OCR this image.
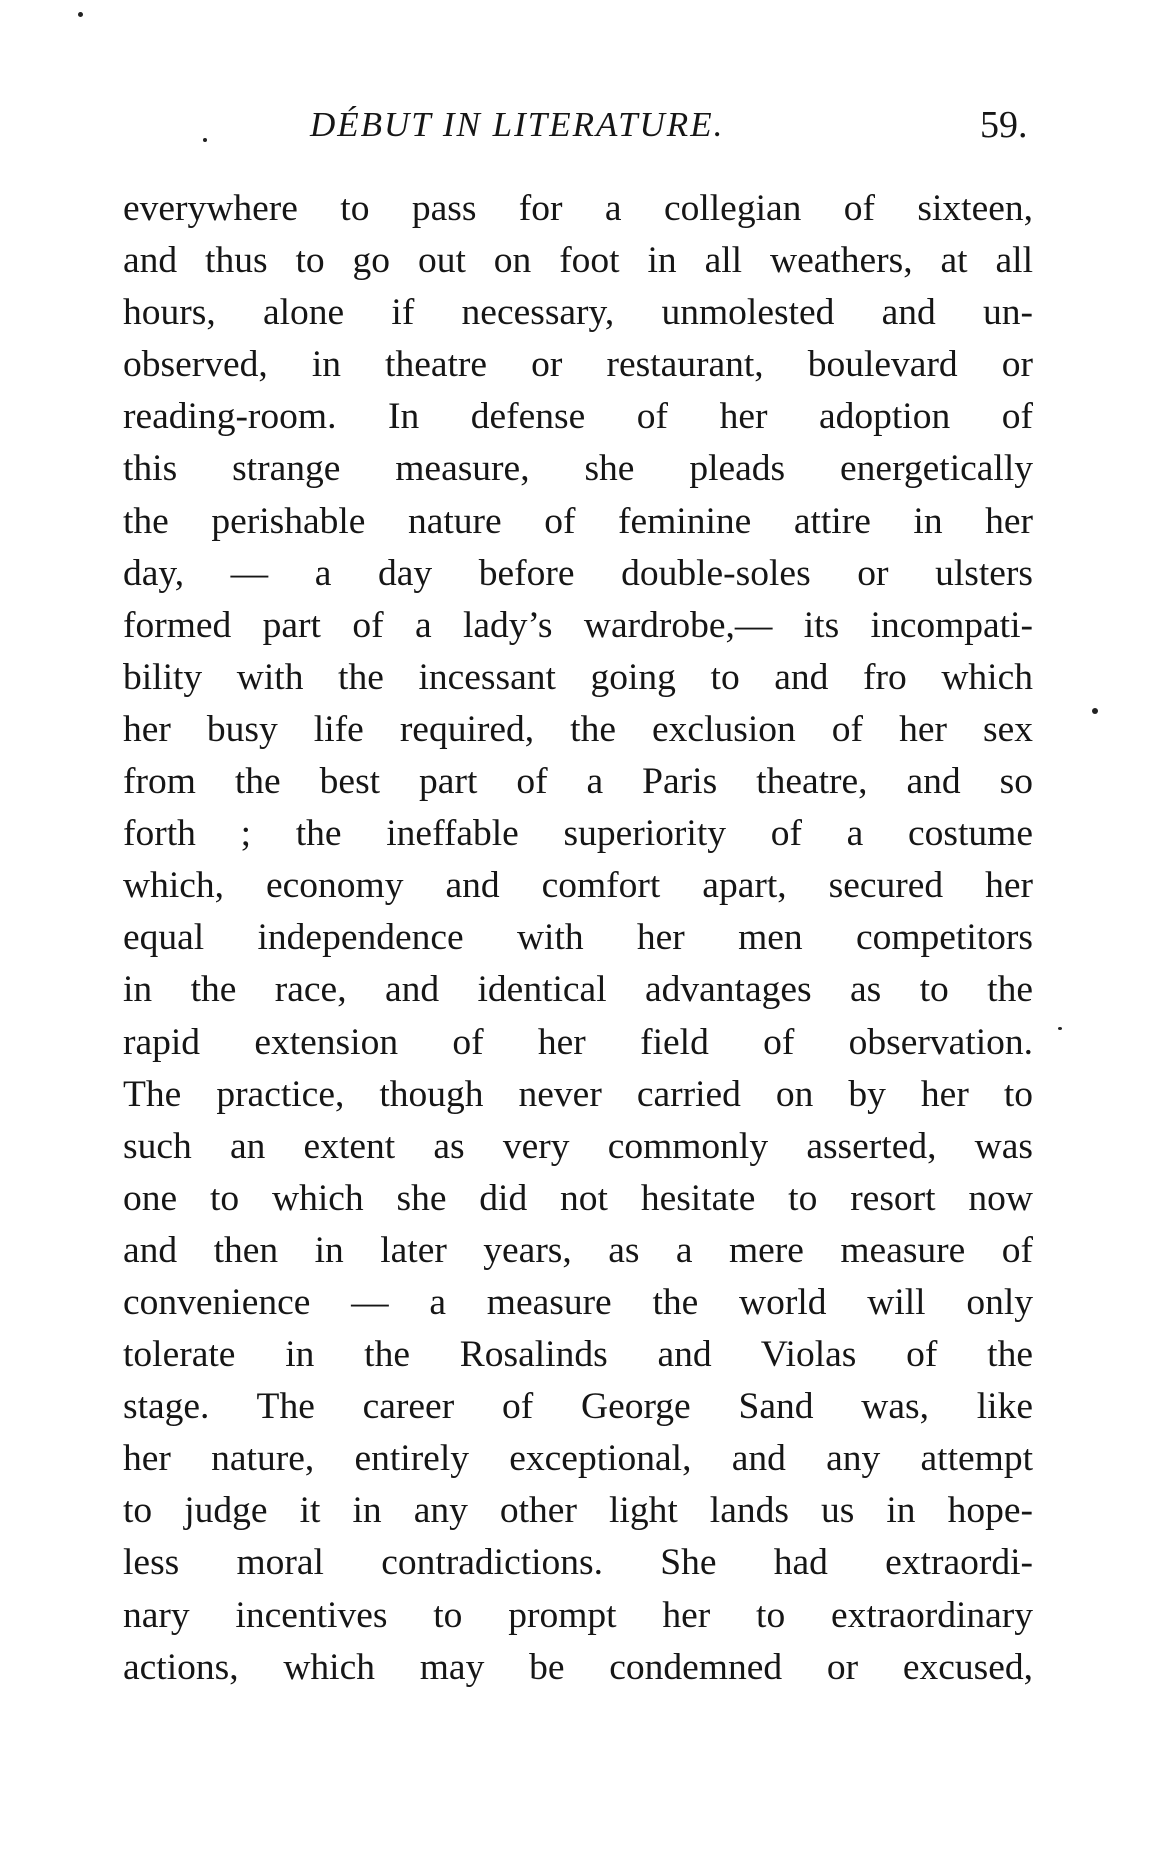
DÉBUT IN LITERATURE.	59.
everywhere to pass for a collegian of sixteen,
and thus to go out on foot in all weathers, at all
hours, alone if necessary, unmolested and un-
observed, in theatre or restaurant, boulevard or
reading-room. In defense of her adoption of
this strange measure, she pleads energetically
the perishable nature of feminine attire in her
day, — a day before double-soles or ulsters
formed part of a lady’s wardrobe,— its incompati-
bility with the incessant going to and fro which
her busy life required, the exclusion of her sex
from the best part of a Paris theatre, and so
forth ; the ineffable superiority of a costume
which, economy and comfort apart, secured her
equal independence with her men competitors
in the race, and identical advantages as to the
rapid extension of her field of observation.
The practice, though never carried on by her to
such an extent as very commonly asserted, was
one to which she did not hesitate to resort now
and then in later years, as a mere measure of
convenience — a measure the world will only
tolerate in the Rosalinds and Violas of the
stage. The career of George Sand was, like
her nature, entirely exceptional, and any attempt
to judge it in any other light lands us in hope-
less moral contradictions. She had extraordi-
nary incentives to prompt her to extraordinary
actions, which may be condemned or excused,
